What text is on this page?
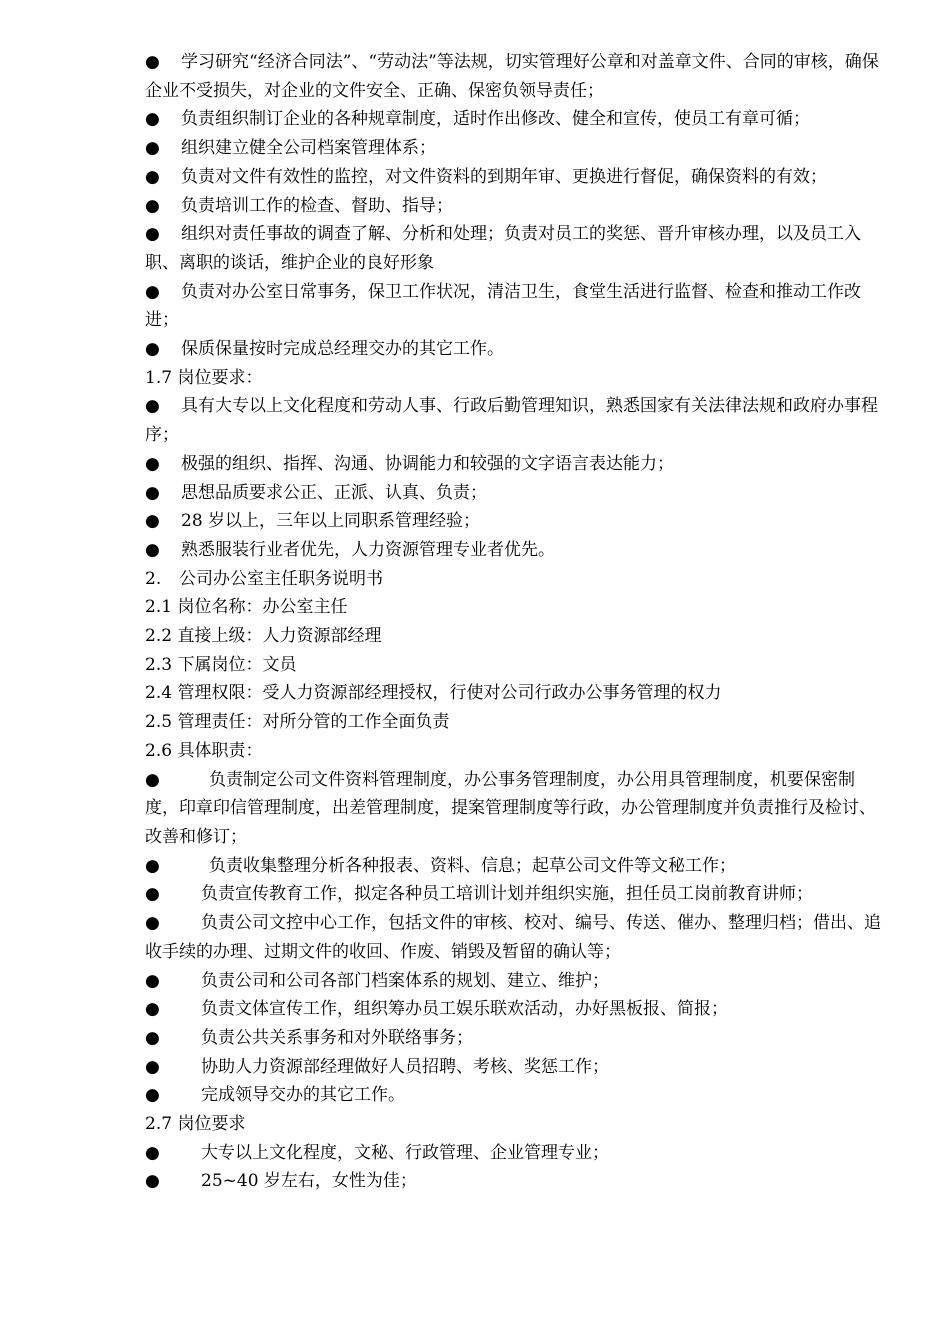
● 学习研究“经济合同法”、“劳动法”等法规，切实管理好公章和对盖章文件、合同的审核，确保企业不受损失，对企业的文件安全、正确、保密负领导责任；

● 负责组织制订企业的各种规章制度，适时作出修改、健全和宣传，使员工有章可循；

● 组织建立健全公司档案管理体系；

● 负责对文件有效性的监控，对文件资料的到期年审、更换进行督促，确保资料的有效；

● 负责培训工作的检查、督助、指导；

● 组织对责任事故的调查了解、分析和处理；负责对员工的奖惩、晋升审核办理，以及员工入职、离职的谈话，维护企业的良好形象

● 负责对办公室日常事务，保卫工作状况，清洁卫生，食堂生活进行监督、检查和推动工作改进；

● 保质保量按时完成总经理交办的其它工作。

1.7 岗位要求：

● 具有大专以上文化程度和劳动人事、行政后勤管理知识，熟悉国家有关法律法规和政府办事程序；

● 极强的组织、指挥、沟通、协调能力和较强的文字语言表达能力；

● 思想品质要求公正、正派、认真、负责；

● 28 岁以上，三年以上同职系管理经验；

● 熟悉服装行业者优先，人力资源管理专业者优先。

2. 公司办公室主任职务说明书

2.1 岗位名称：办公室主任

2.2 直接上级：人力资源部经理

2.3 下属岗位：文员

2.4 管理权限：受人力资源部经理授权，行使对公司行政办公事务管理的权力

2.5 管理责任：对所分管的工作全面负责

2.6 具体职责：

●	负责制定公司文件资料管理制度，办公事务管理制度，办公用具管理制度，机要保密制度，印章印信管理制度，出差管理制度，提案管理制度等行政，办公管理制度并负责推行及检讨、改善和修订；

●	负责收集整理分析各种报表、资料、信息；起草公司文件等文秘工作；

● 负责宣传教育工作，拟定各种员工培训计划并组织实施，担任员工岗前教育讲师；

● 负责公司文控中心工作，包括文件的审核、校对、编号、传送、催办、整理归档；借出、追收手续的办理、过期文件的收回、作废、销毁及暂留的确认等；

● 负责公司和公司各部门档案体系的规划、建立、维护；

● 负责文体宣传工作，组织筹办员工娱乐联欢活动，办好黑板报、简报；

● 负责公共关系事务和对外联络事务；

● 协助人力资源部经理做好人员招聘、考核、奖惩工作；

● 完成领导交办的其它工作。

2.7 岗位要求

● 大专以上文化程度，文秘、行政管理、企业管理专业；

● 25~40 岁左右，女性为佳；
